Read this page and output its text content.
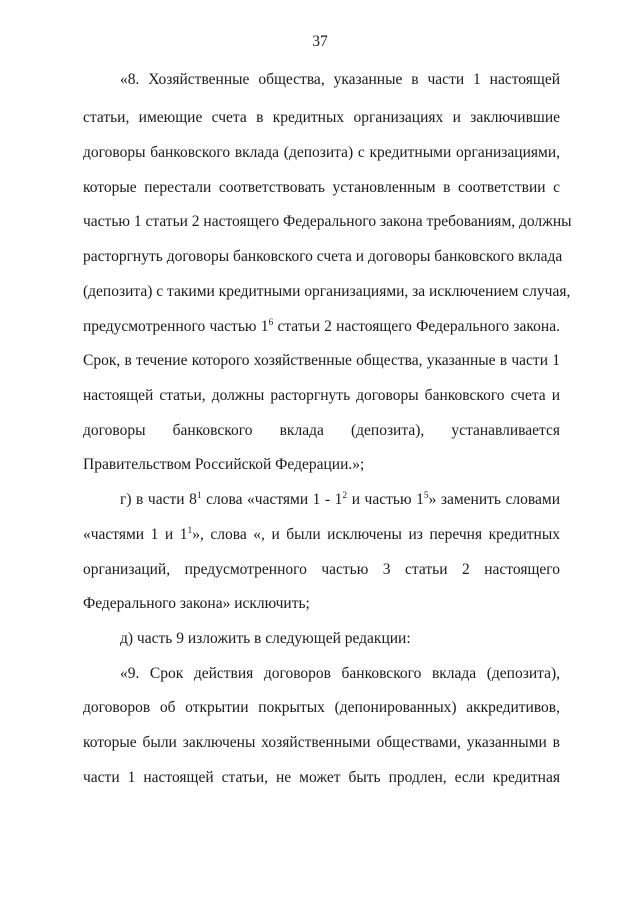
37
«8. Хозяйственные общества, указанные в части 1 настоящей
статьи, имеющие счета в кредитных организациях и заключившие
договоры банковского вклада (депозита) с кредитными организациями,
которые перестали соответствовать установленным в соответствии с
частью 1 статьи 2 настоящего Федерального закона требованиям, должны
расторгнуть договоры банковского счета и договоры банковского вклада
(депозита) с такими кредитными организациями, за исключением случая,
предусмотренного частью $1^6$ статьи 2 настоящего Федерального закона.
Срок, в течение которого хозяйственные общества, указанные в части 1
настоящей статьи, должны расторгнуть договоры банковского счета и
договоры банковского вклада (депозита), устанавливается
Правительством Российской Федерации.»;
г) в части $8^1$ слова «частями $1 - 1^2$ и частью $1^5$» заменить словами
«частями 1 и $1^1$», слова «, и были исключены из перечня кредитных
организаций, предусмотренного частью 3 статьи 2 настоящего
Федерального закона» исключить;
д) часть 9 изложить в следующей редакции:
«9. Срок действия договоров банковского вклада (депозита),
договоров об открытии покрытых (депонированных) аккредитивов,
которые были заключены хозяйственными обществами, указанными в
части 1 настоящей статьи, не может быть продлен, если кредитная
